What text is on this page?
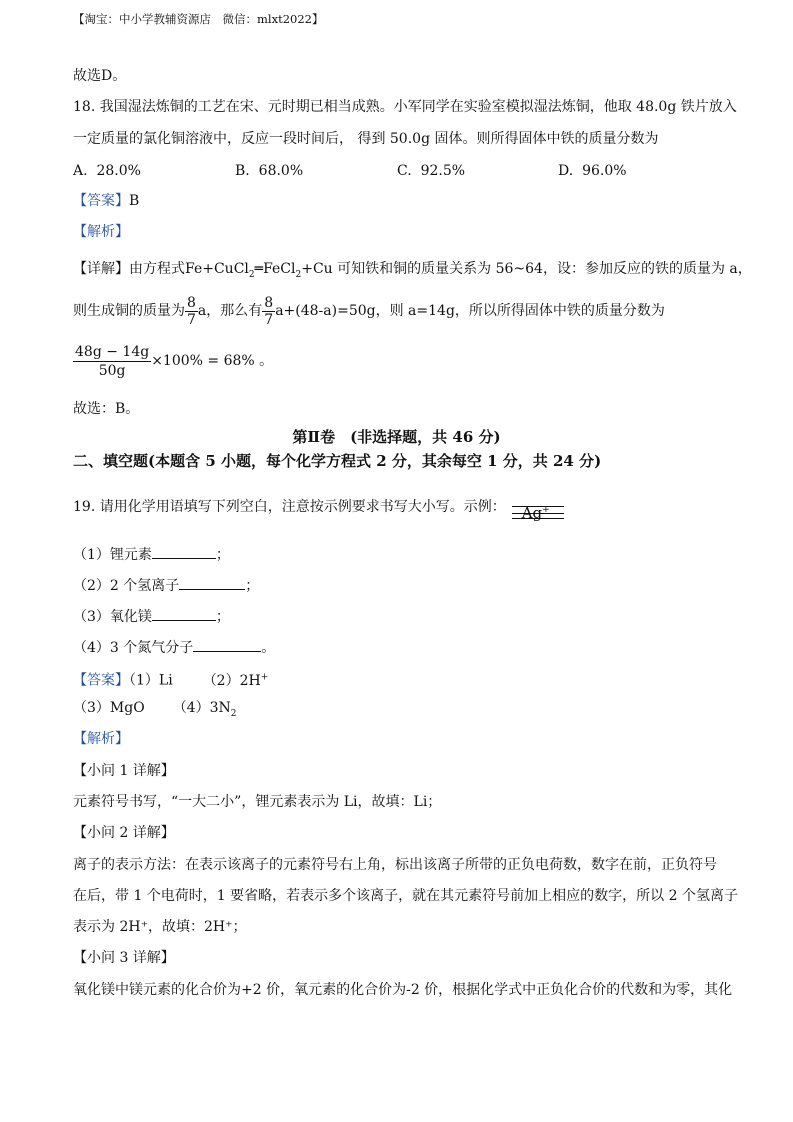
【淘宝：中小学教辅资源店　微信：mlxt2022】
故选D。
18. 我国湿法炼铜的工艺在宋、元时期已相当成熟。小军同学在实验室模拟湿法炼铜，他取 48.0g 铁片放入
一定质量的氯化铜溶液中，反应一段时间后， 得到 50.0g 固体。则所得固体中铁的质量分数为
A. 28.0%	B. 68.0%	C. 92.5%	D. 96.0%
【答案】B
【解析】
【详解】由方程式Fe+CuCl$_2$═FeCl$_2$+Cu 可知铁和铜的质量关系为 56~64，设：参加反应的铁的质量为 a，
则生成铜的质量为 $\frac{8}{7}$ a，那么有 $\frac{8}{7} a+(48-a)=50g$，则 a=14g，所以所得固体中铁的质量分数为
$\frac{48g - 14g}{50g} \times 100\% = 68\%$ 。
故选：B。
第Ⅱ卷　(非选择题，共 46 分)
二、填空题(本题含 5 小题，每个化学方程式 2 分，其余每空 1 分，共 24 分)
19. 请用化学用语填写下列空白，注意按示例要求书写大小写。示例： Ag+
（1）锂元素	；
（2）2 个氢离子	；
（3）氧化镁	；
（4）3 个氮气分子	。
【答案】（1）Li （2）2H+
（3）MgO $(4)3N_2$
【解析】
【小问 1 详解】
元素符号书写，“一大二小”，锂元素表示为 Li，故填：Li；
【小问 2 详解】
离子的表示方法：在表示该离子的元素符号右上角，标出该离子所带的正负电荷数，数字在前，正负符号
在后，带 1 个电荷时，1 要省略，若表示多个该离子，就在其元素符号前加上相应的数字，所以 2 个氢离子
表示为 2H⁺，故填：2H⁺；
【小问 3 详解】
氧化镁中镁元素的化合价为+2 价，氧元素的化合价为-2 价，根据化学式中正负化合价的代数和为零，其化
